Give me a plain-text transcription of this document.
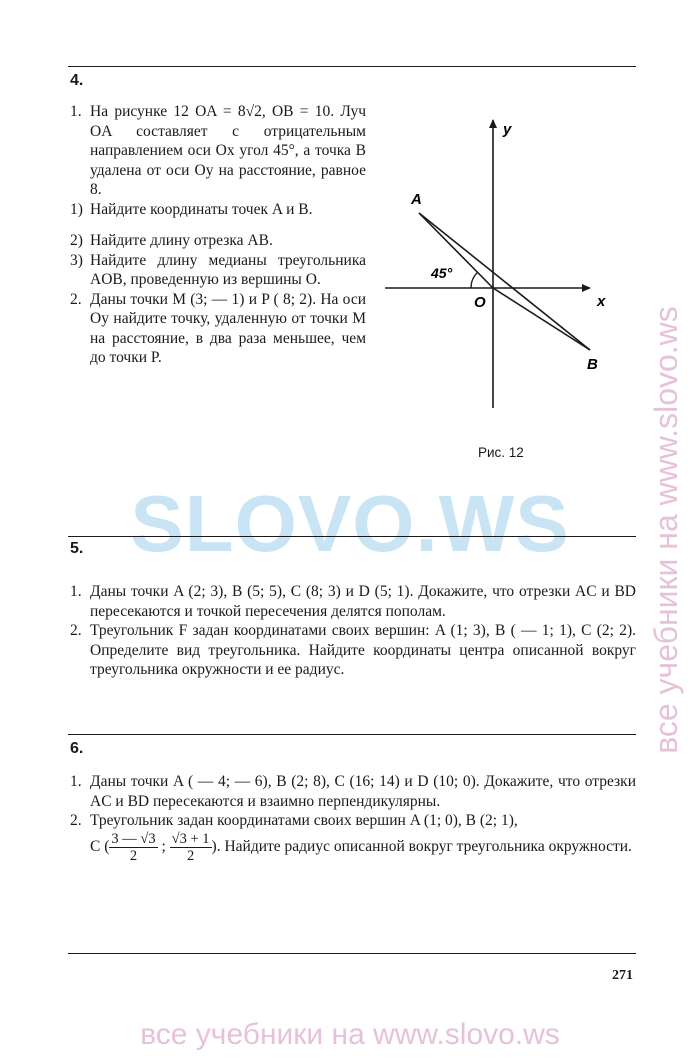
4.
1. На рисунке 12 OA = 8√2, OB = 10. Луч OA составляет с отрицательным направлением оси Ox угол 45°, а точка B удалена от оси Oy на расстояние, равное 8.
1) Найдите координаты точек A и B.
2) Найдите длину отрезка AB.
3) Найдите длину медианы треугольника AOB, проведенную из вершины O.
2. Даны точки M (3; — 1) и P ( 8; 2). На оси Oy найдите точку, удаленную от точки M на расстояние, в два раза меньшее, чем до точки P.
y
x
A
B
O
45°
Рис. 12
SLOVO.WS
5.
1. Даны точки A (2; 3), B (5; 5), C (8; 3) и D (5; 1). Докажите, что отрезки AC и BD пересекаются и точкой пересечения делятся пополам.
2. Треугольник F задан координатами своих вершин: A (1; 3), B ( — 1; 1), C (2; 2). Определите вид треугольника. Найдите координаты центра описанной вокруг треугольника окружности и ее радиус.
6.
1. Даны точки A ( — 4; — 6), B (2; 8), C (16; 14) и D (10; 0). Докажите, что отрезки AC и BD пересекаются и взаимно перпендикулярны.
2. Треугольник задан координатами своих вершин A (1; 0), B (2; 1),
C ( $\frac{3 — √3}{2}$ ; $\frac{√3 + 1}{2}$ ). Найдите радиус описанной вокруг треугольника окружности.
271
все учебники на www.slovo.ws
все учебники на www.slovo.ws
